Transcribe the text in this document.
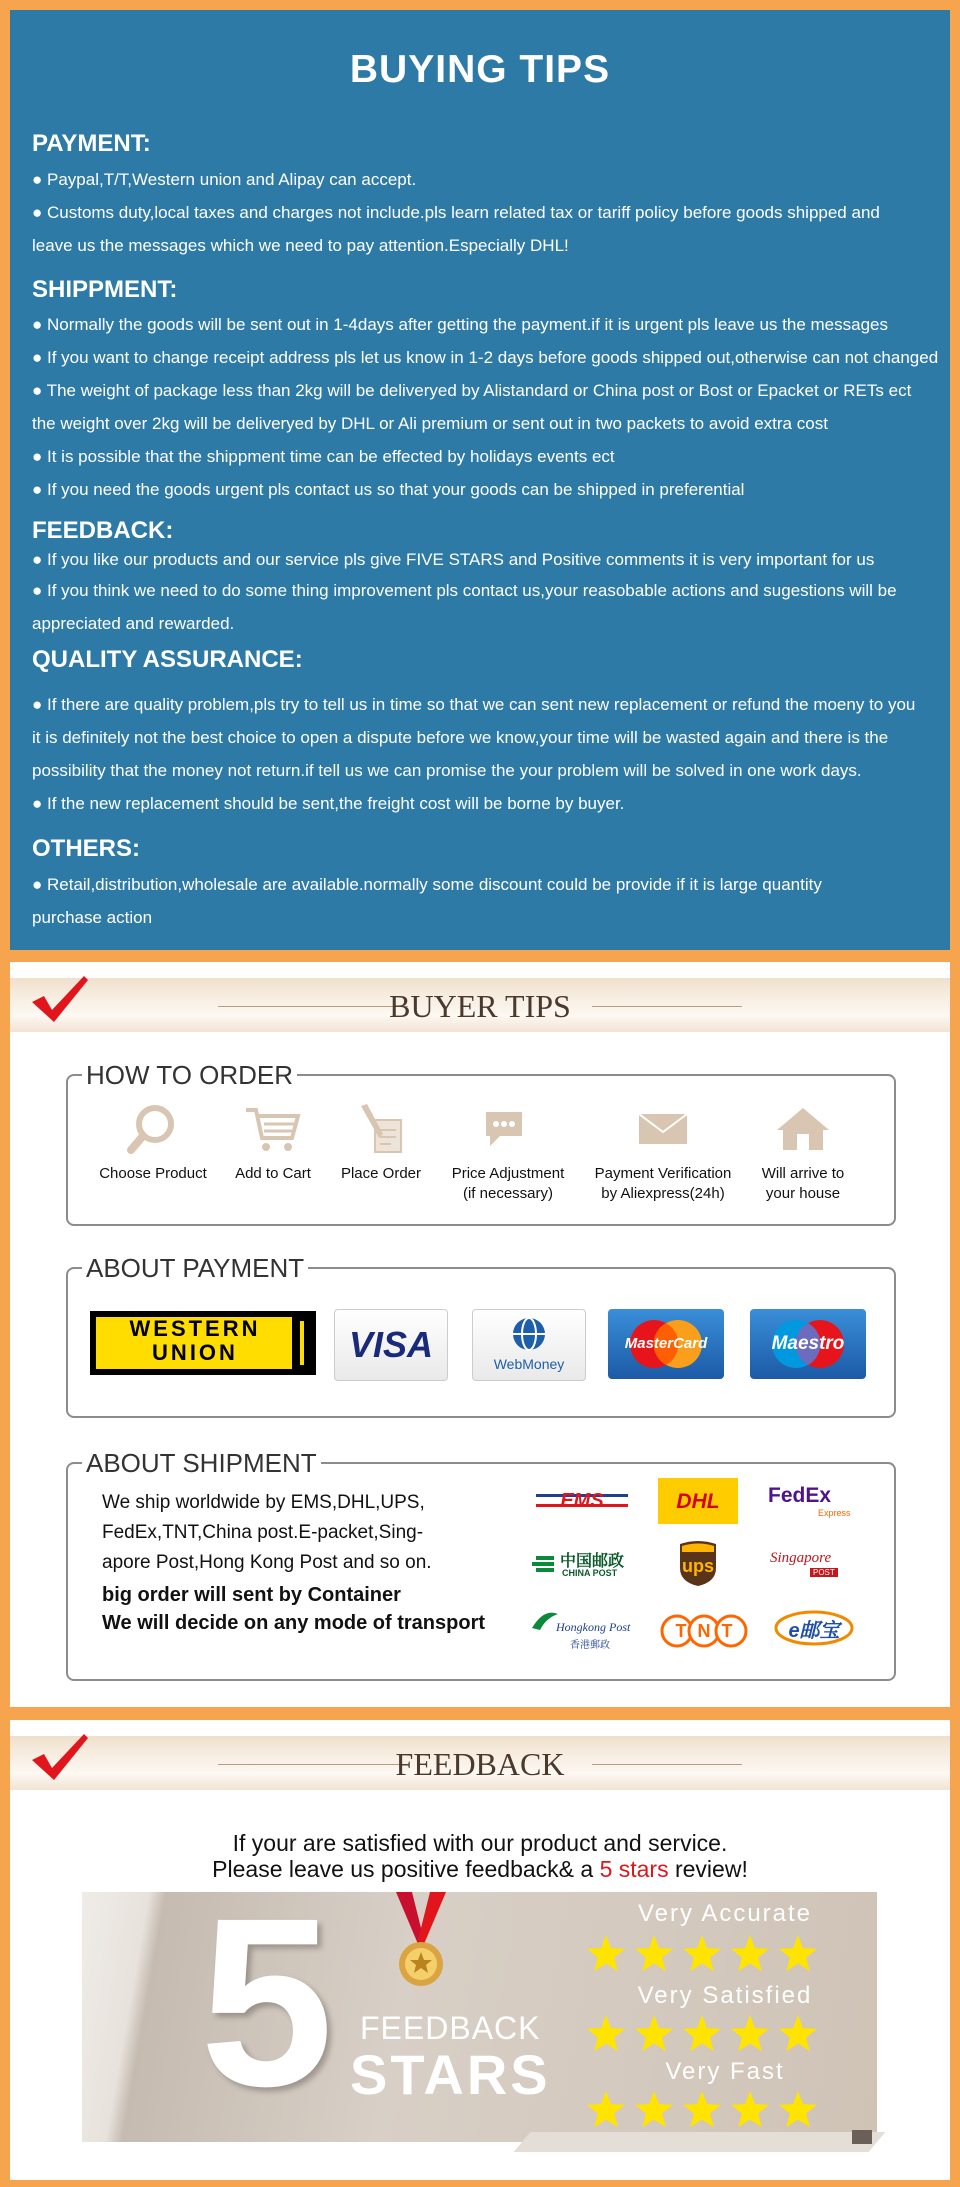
BUYING TIPS
PAYMENT:
● Paypal,T/T,Western union and Alipay can accept.
● Customs duty,local taxes and charges not include.pls learn related tax or tariff policy before goods shipped and
leave us the messages which we need to pay attention.Especially DHL!
SHIPPMENT:
● Normally the goods will be sent out in 1-4days after getting the payment.if it is urgent pls leave us the messages
● If you want to change receipt address pls let us know in 1-2 days before goods shipped out,otherwise can not changed
● The weight of package less than 2kg will be deliveryed by Alistandard or China post or Bost or Epacket or RETs ect
the weight over 2kg will be deliveryed by DHL or Ali premium or sent out in two packets to avoid extra cost
● It is possible that the shippment time can be effected by holidays events ect
● If you need the goods urgent pls contact us so that your goods can be shipped in preferential
FEEDBACK:
● If you like our products and our service pls give FIVE STARS and Positive comments it is very important for us
● If you think we need to do some thing improvement pls contact us,your reasobable actions and sugestions will be
appreciated and rewarded.
QUALITY ASSURANCE:
● If there are quality problem,pls try to tell us in time so that we can sent new replacement or refund the moeny to you
it is definitely not the best choice to open a dispute before we know,your time will be wasted again and there is the
possibility that the money not return.if tell us we can promise the your problem will be solved in one work days.
● If the new replacement should be sent,the freight cost will be borne by buyer.
OTHERS:
● Retail,distribution,wholesale are available.normally some discount could be provide if it is large quantity
purchase action
BUYER TIPS
HOW TO ORDER
Choose Product	Add to Cart	Place Order	Price Adjustment
(if necessary)
Payment Verification
by Aliexpress(24h)
Will arrive to
your house
ABOUT PAYMENT
WESTERN
UNION	VISA	WebMoney
MasterCard	Maestro
ABOUT SHIPMENT
We ship worldwide by EMS,DHL,UPS,
FedEx,TNT,China post.E-packet,Sing-
apore Post,Hong Kong Post and so on.
big order will sent by Container
We will decide on any mode of transport
EMS	DHL	FedEx
Express
中国邮政
CHINA POST	ups	Singapore
POST
Hongkong Post
香港郵政
TNT	e邮宝
FEEDBACK
If your are satisfied with our product and service.
Please leave us positive feedback& a 5 stars review!
5 FEEDBACK
STARS
Very Accurate
Very Satisfied
Very Fast
